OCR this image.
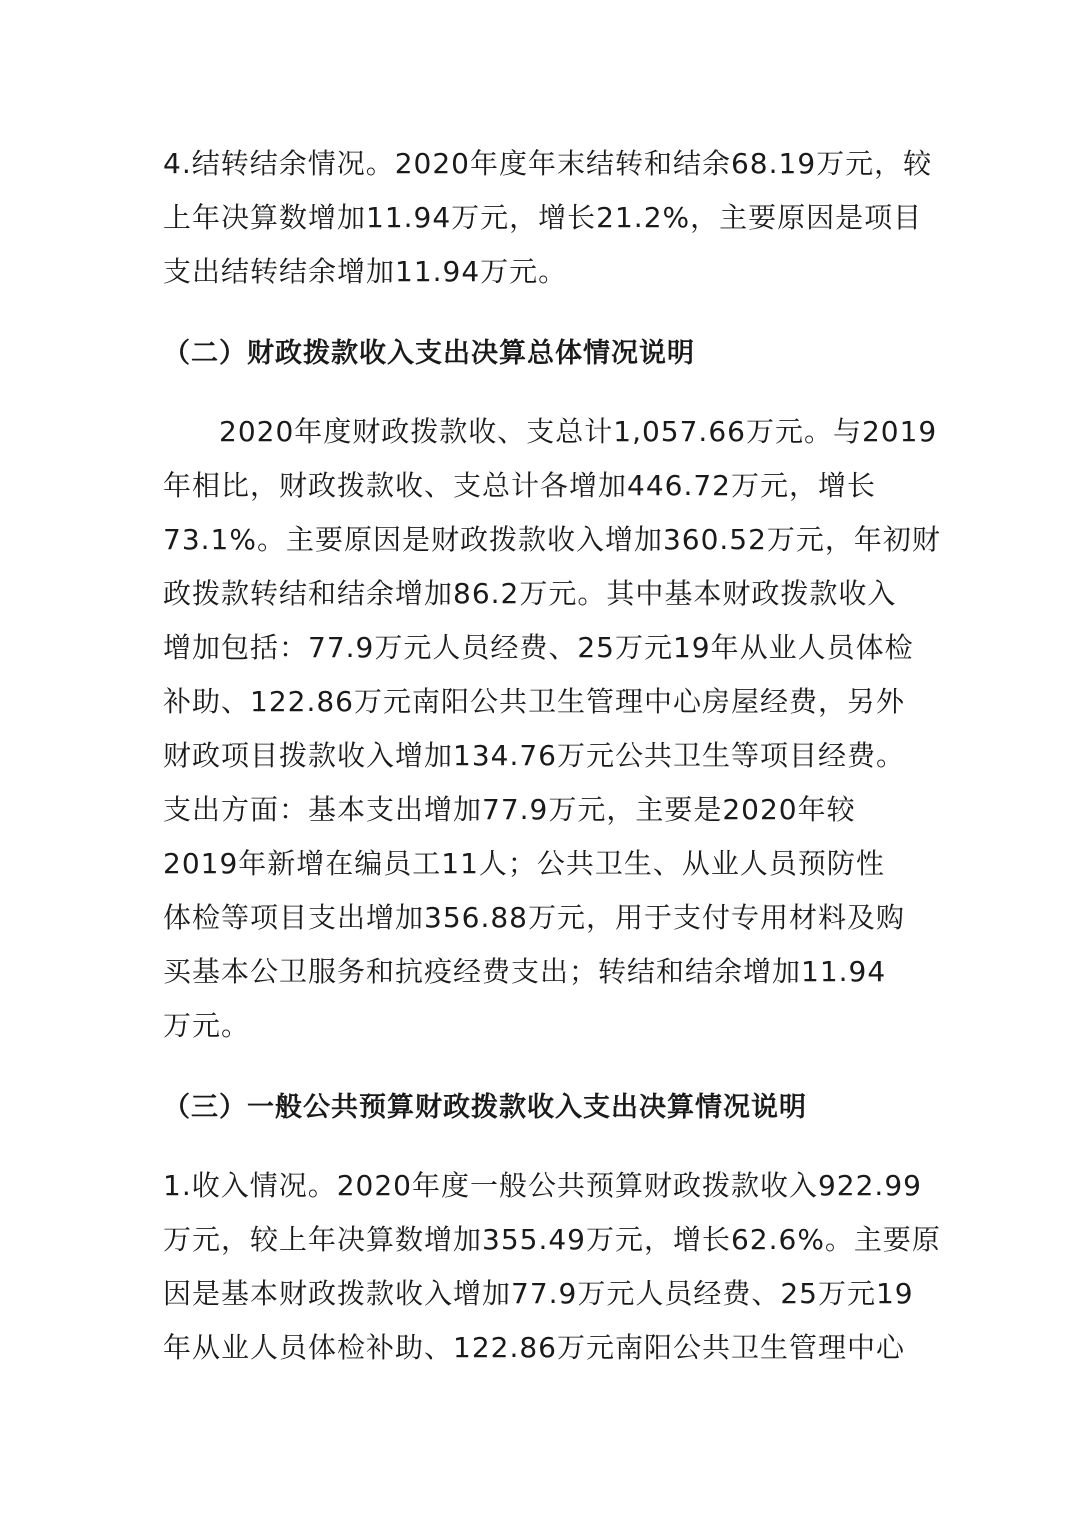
4.结转结余情况。2020年度年末结转和结余68.19万元，较
上年决算数增加11.94万元，增长21.2%，主要原因是项目
支出结转结余增加11.94万元。
（二）财政拨款收入支出决算总体情况说明
2020年度财政拨款收、支总计1,057.66万元。与2019
年相比，财政拨款收、支总计各增加446.72万元，增长
73.1%。主要原因是财政拨款收入增加360.52万元，年初财
政拨款转结和结余增加86.2万元。其中基本财政拨款收入
增加包括：77.9万元人员经费、25万元19年从业人员体检
补助、122.86万元南阳公共卫生管理中心房屋经费，另外
财政项目拨款收入增加134.76万元公共卫生等项目经费。
支出方面：基本支出增加77.9万元，主要是2020年较
2019年新增在编员工11人；公共卫生、从业人员预防性
体检等项目支出增加356.88万元，用于支付专用材料及购
买基本公卫服务和抗疫经费支出；转结和结余增加11.94
万元。
（三）一般公共预算财政拨款收入支出决算情况说明
1.收入情况。2020年度一般公共预算财政拨款收入922.99
万元，较上年决算数增加355.49万元，增长62.6%。主要原
因是基本财政拨款收入增加77.9万元人员经费、25万元19
年从业人员体检补助、122.86万元南阳公共卫生管理中心
